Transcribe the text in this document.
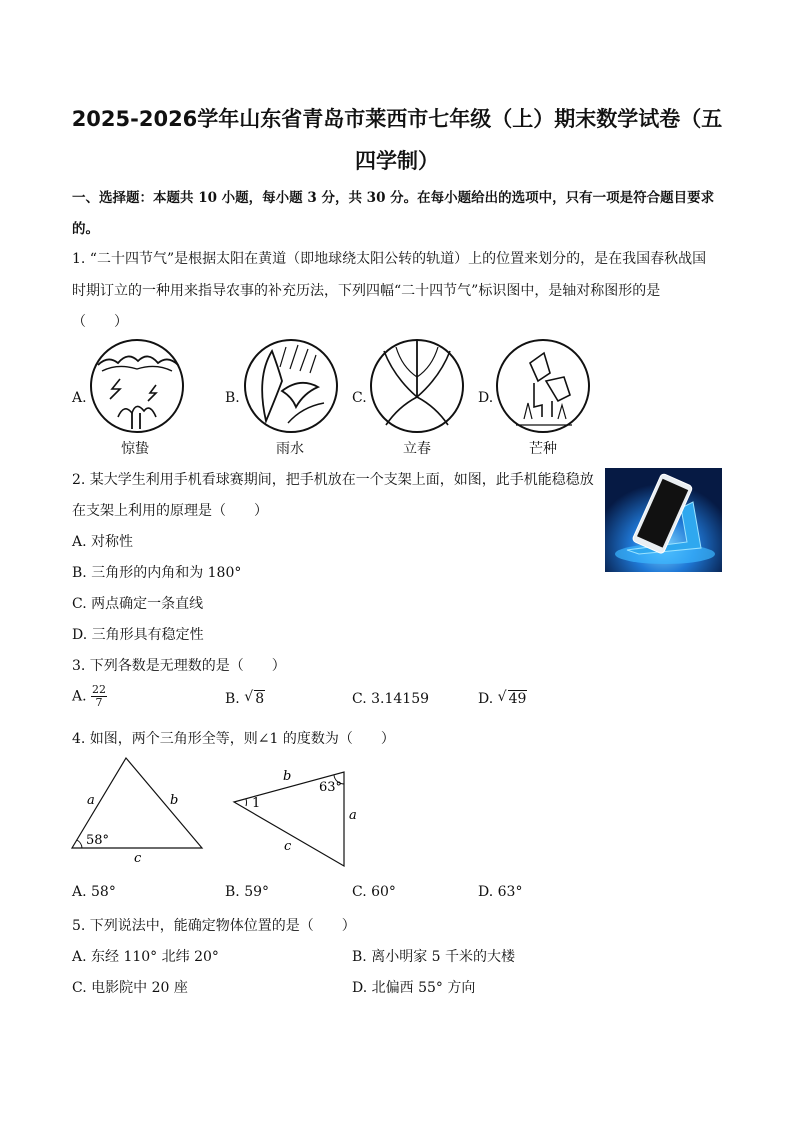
2025-2026学年山东省青岛市莱西市七年级（上）期末数学试卷（五
四学制）
一、选择题：本题共 10 小题，每小题 3 分，共 30 分。在每小题给出的选项中，只有一项是符合题目要求
的。
1. “二十四节气”是根据太阳在黄道（即地球绕太阳公转的轨道）上的位置来划分的，是在我国春秋战国
时期订立的一种用来指导农事的补充历法，下列四幅“二十四节气”标识图中，是轴对称图形的是
（　　）
A.	B.	C.	D.
惊蛰	雨水	立春	芒种
2. 某大学生利用手机看球赛期间，把手机放在一个支架上面，如图，此手机能稳稳放
在支架上利用的原理是（　　）
A. 对称性
B. 三角形的内角和为 180°
C. 两点确定一条直线
D. 三角形具有稳定性
3. 下列各数是无理数的是（　　）
A. $\frac{22}{7}$	B. √ 8	C. 3.14159	D. √ 49
4. 如图，两个三角形全等，则∠1 的度数为（　　）
a	b
c
58°
b
a
c
63°
1
A. 58°	B. 59°	C. 60°	D. 63°
5. 下列说法中，能确定物体位置的是（　　）
A. 东经 110° 北纬 20°	B. 离小明家 5 千米的大楼
C. 电影院中 20 座	D. 北偏西 55° 方向
